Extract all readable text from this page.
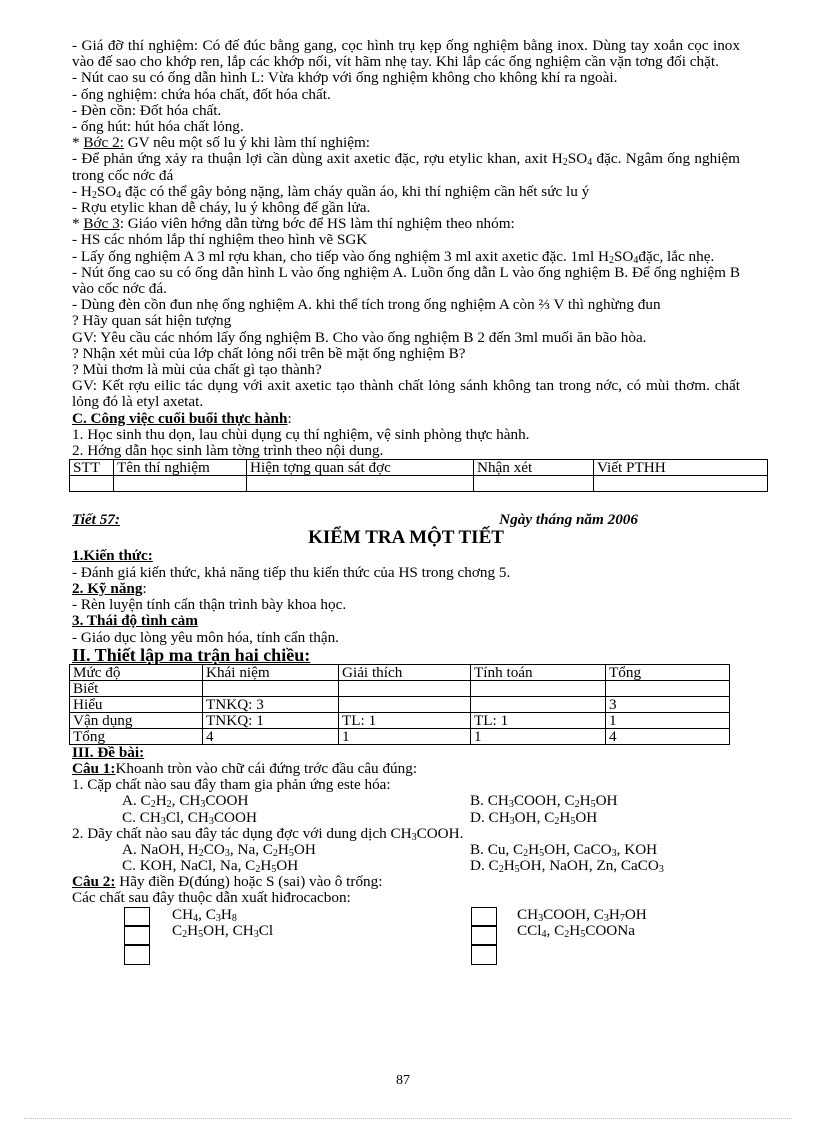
- Giá đỡ thí nghiệm: Có đế đúc bằng gang, cọc hình trụ kẹp ống nghiệm bằng inox. Dùng tay xoắn cọc inox vào đế sao cho khớp ren, lắp các khớp nối, vít hãm nhẹ tay. Khi lắp các ống nghiệm cần vặn tơng đối chặt.
- Nút cao su có ống dẫn hình L: Vừa khớp với ống nghiệm không cho không khí ra ngoài.
- ống nghiệm: chứa hóa chất, đốt hóa chất.
- Đèn cồn: Đốt hóa chất.
- ống hút: hút hóa chất lỏng.
* Bớc 2: GV nêu một số lu ý khi làm thí nghiệm:
- Để phản ứng xảy ra thuận lợi cần dùng axit axetic đặc, rợu etylic khan, axit $H_2SO_4$ đặc. Ngâm ống nghiệm trong cốc nớc đá
- $H_2SO_4$ đặc có thể gây bỏng nặng, làm cháy quần áo, khi thí nghiệm cần hết sức lu ý
- Rợu etylic khan dễ cháy, lu ý không để gần lửa.
* Bớc 3: Giáo viên hớng dẫn từng bớc để HS làm thí nghiệm theo nhóm:
- HS các nhóm lắp thí nghiệm theo hình vẽ SGK
- Lấy ống nghiệm A 3 ml rợu khan, cho tiếp vào ống nghiệm 3 ml axit axetic đặc. 1ml $H_2SO_4đặc$, lắc nhẹ.
- Nút ống cao su có ống dẫn hình L vào ống nghiệm A. Luồn ống dẫn L vào ống nghiệm B. Để ống nghiệm B vào cốc nớc đá.
- Dùng đèn cồn đun nhẹ ống nghiệm A. khi thể tích trong ống nghiệm A còn ⅔ V thì nghừng đun
? Hãy quan sát hiện tượng
GV: Yêu cầu các nhóm lấy ống nghiệm B. Cho vào ống nghiệm B 2 đến 3ml muối ăn bão hòa.
? Nhận xét mùi của lớp chất lỏng nổi trên bề mặt ống nghiệm B?
? Mùi thơm là mùi của chất gì tạo thành?
GV: Kết rợu eilic tác dụng với axit axetic tạo thành chất lỏng sánh không tan trong nớc, có mùi thơm. chất lỏng đó là etyl axetat.
C. Công việc cuối buổi thực hành:
1. Học sinh thu dọn, lau chùi dụng cụ thí nghiệm, vệ sinh phòng thực hành.
2. Hớng dẫn học sinh làm tờng trình theo nội dung.
STT	Tên thí nghiệm	Hiện tợng quan sát đợc	Nhận xét	Viết PTHH

Tiết 57:	Ngày tháng năm 2006
KIỂM TRA MỘT TIẾT
1.Kiến thức:
- Đánh giá kiến thức, khả năng tiếp thu kiến thức của HS trong chơng 5.
2. Kỹ năng:
- Rèn luyện tính cẩn thận trình bày khoa học.
3. Thái độ tình cảm
- Giáo dục lòng yêu môn hóa, tính cẩn thận.
II. Thiết lập ma trận hai chiều:
Mức độ	Khái niệm	Giải thích	Tính toán	Tổng
Biết				
Hiểu	TNKQ: 3			3
Vận dụng	TNKQ: 1	TL: 1	TL: 1	1
Tổng	4	1	1	4
III. Đề bài:
Câu 1:Khoanh tròn vào chữ cái đứng trớc đầu câu đúng:
1. Cặp chất nào sau đây tham gia phản ứng este hóa:
A. $C_2H_2$, $CH_3COOH$	B. $CH_3COOH$, $C_2H_5OH$
C. $CH_3Cl$, $CH_3COOH$	D. $CH_3OH$, $C_2H_5OH$
2. Dãy chất nào sau đây tác dụng đợc với dung dịch $CH_3COOH$.
A. NaOH, $H_2CO_3$, Na, $C_2H_5OH$	B. Cu, $C_2H_5OH$, CaCO$_3$, KOH
C. KOH, NaCl, Na, $C_2H_5OH$	D. $C_2H_5OH$, NaOH, Zn, CaCO$_3$
Câu 2: Hãy điền Đ(đúng) hoặc S (sai) vào ô trống:
Các chất sau đây thuộc dẫn xuất hiđrocacbon:
$CH_4$, $C_3H_8$	$CH_3COOH$, $C_3H_7OH$
$C_2H_5OH$, $CH_3Cl$	CCl$_4$, $C_2H_5COONa$
87
